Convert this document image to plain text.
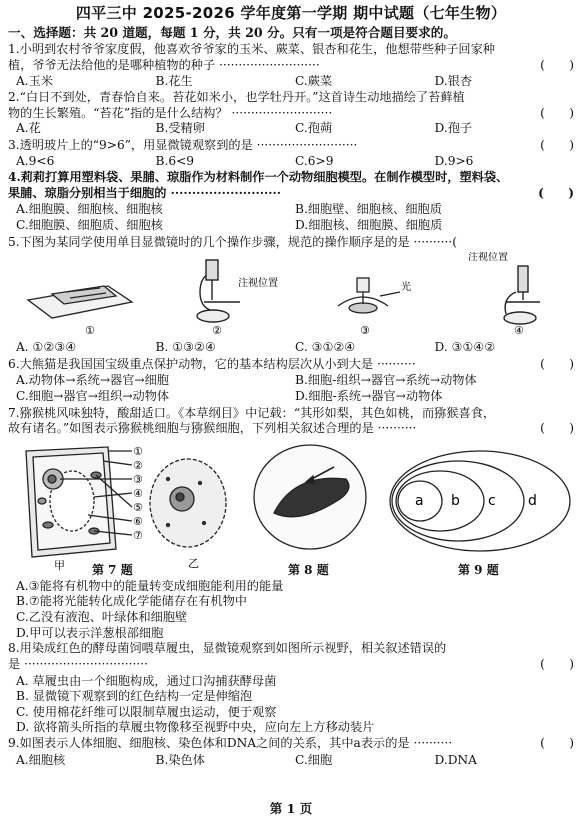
四平三中 2025-2026 学年度第一学期 期中试题（七年生物）
一、选择题：共 20 道题，每题 1 分，共 20 分。只有一项是符合题目要求的。
1.小明到农村爷爷家度假，他喜欢爷爷家的玉米、蕨菜、银杏和花生，他想带些种子回家种
植，爷爷无法给他的是哪种植物的种子 ··························	(　　)
A.玉米	B.花生	C.蕨菜	D.银杏
2.“白日不到处，青春恰自来。苔花如米小，也学牡丹开。”这首诗生动地描绘了苔藓植
物的生长繁殖。“苔花”指的是什么结构？ ··························	(　　)
A.花	B.受精卵	C.孢蒴	D.孢子
3.透明玻片上的“9>6”，用显微镜观察到的是 ··························	(　　)
A.9<6	B.6<9	C.6>9	D.9>6
4.莉莉打算用塑料袋、果脯、琼脂作为材料制作一个动物细胞模型。在制作模型时，塑料袋、
果脯、琼脂分别相当于细胞的 ··························	(　　)
A.细胞膜、细胞核、细胞核	B.细胞壁、细胞核、细胞质
C.细胞膜、细胞质、细胞核	D.细胞核、细胞膜、细胞质
5.下图为某同学使用单目显微镜时的几个操作步骤，规范的操作顺序是的是 ··········(
①
注视位置
②
光
③
注视位置
④
A. ①②③④	B. ①③②④	C. ③①②④	D. ③①④②
6.大熊猫是我国国宝级重点保护动物，它的基本结构层次从小到大是 ··········	(　　)
A.动物体→系统→器官→细胞	B.细胞-组织→器官→系统→动物体
C.细胞→器官→组织→动物体	D.细胞-系统→器官→动物体
7.猕猴桃风味独特，酸甜适口。《本草纲目》中记载：“其形如梨，其色如桃，而猕猴喜食，
故有诸名。”如图表示猕猴桃细胞与猕猴细胞，下列相关叙述合理的是 ··········	(　　)
①
②
③
④
⑤
⑥
⑦
甲	乙
a b c d
第 7 题	第 8 题	第 9 题
A.③能将有机物中的能量转变成细胞能利用的能量
B.⑦能将光能转化成化学能储存在有机物中
C.乙没有液泡、叶绿体和细胞壁
D.甲可以表示洋葱根部细胞
8.用染成红色的酵母菌饲喂草履虫，显微镜观察到如图所示视野，相关叙述错误的
是 ································	(　　)
A. 草履虫由一个细胞构成，通过口沟捕获酵母菌
B. 显微镜下观察到的红色结构一定是伸缩泡
C. 使用棉花纤维可以限制草履虫运动，便于观察
D. 欲将箭头所指的草履虫物像移至视野中央，应向左上方移动装片
9.如图表示人体细胞、细胞核、染色体和DNA之间的关系，其中a表示的是 ··········	(　　)
A.细胞核	B.染色体	C.细胞	D.DNA
第 1 页
